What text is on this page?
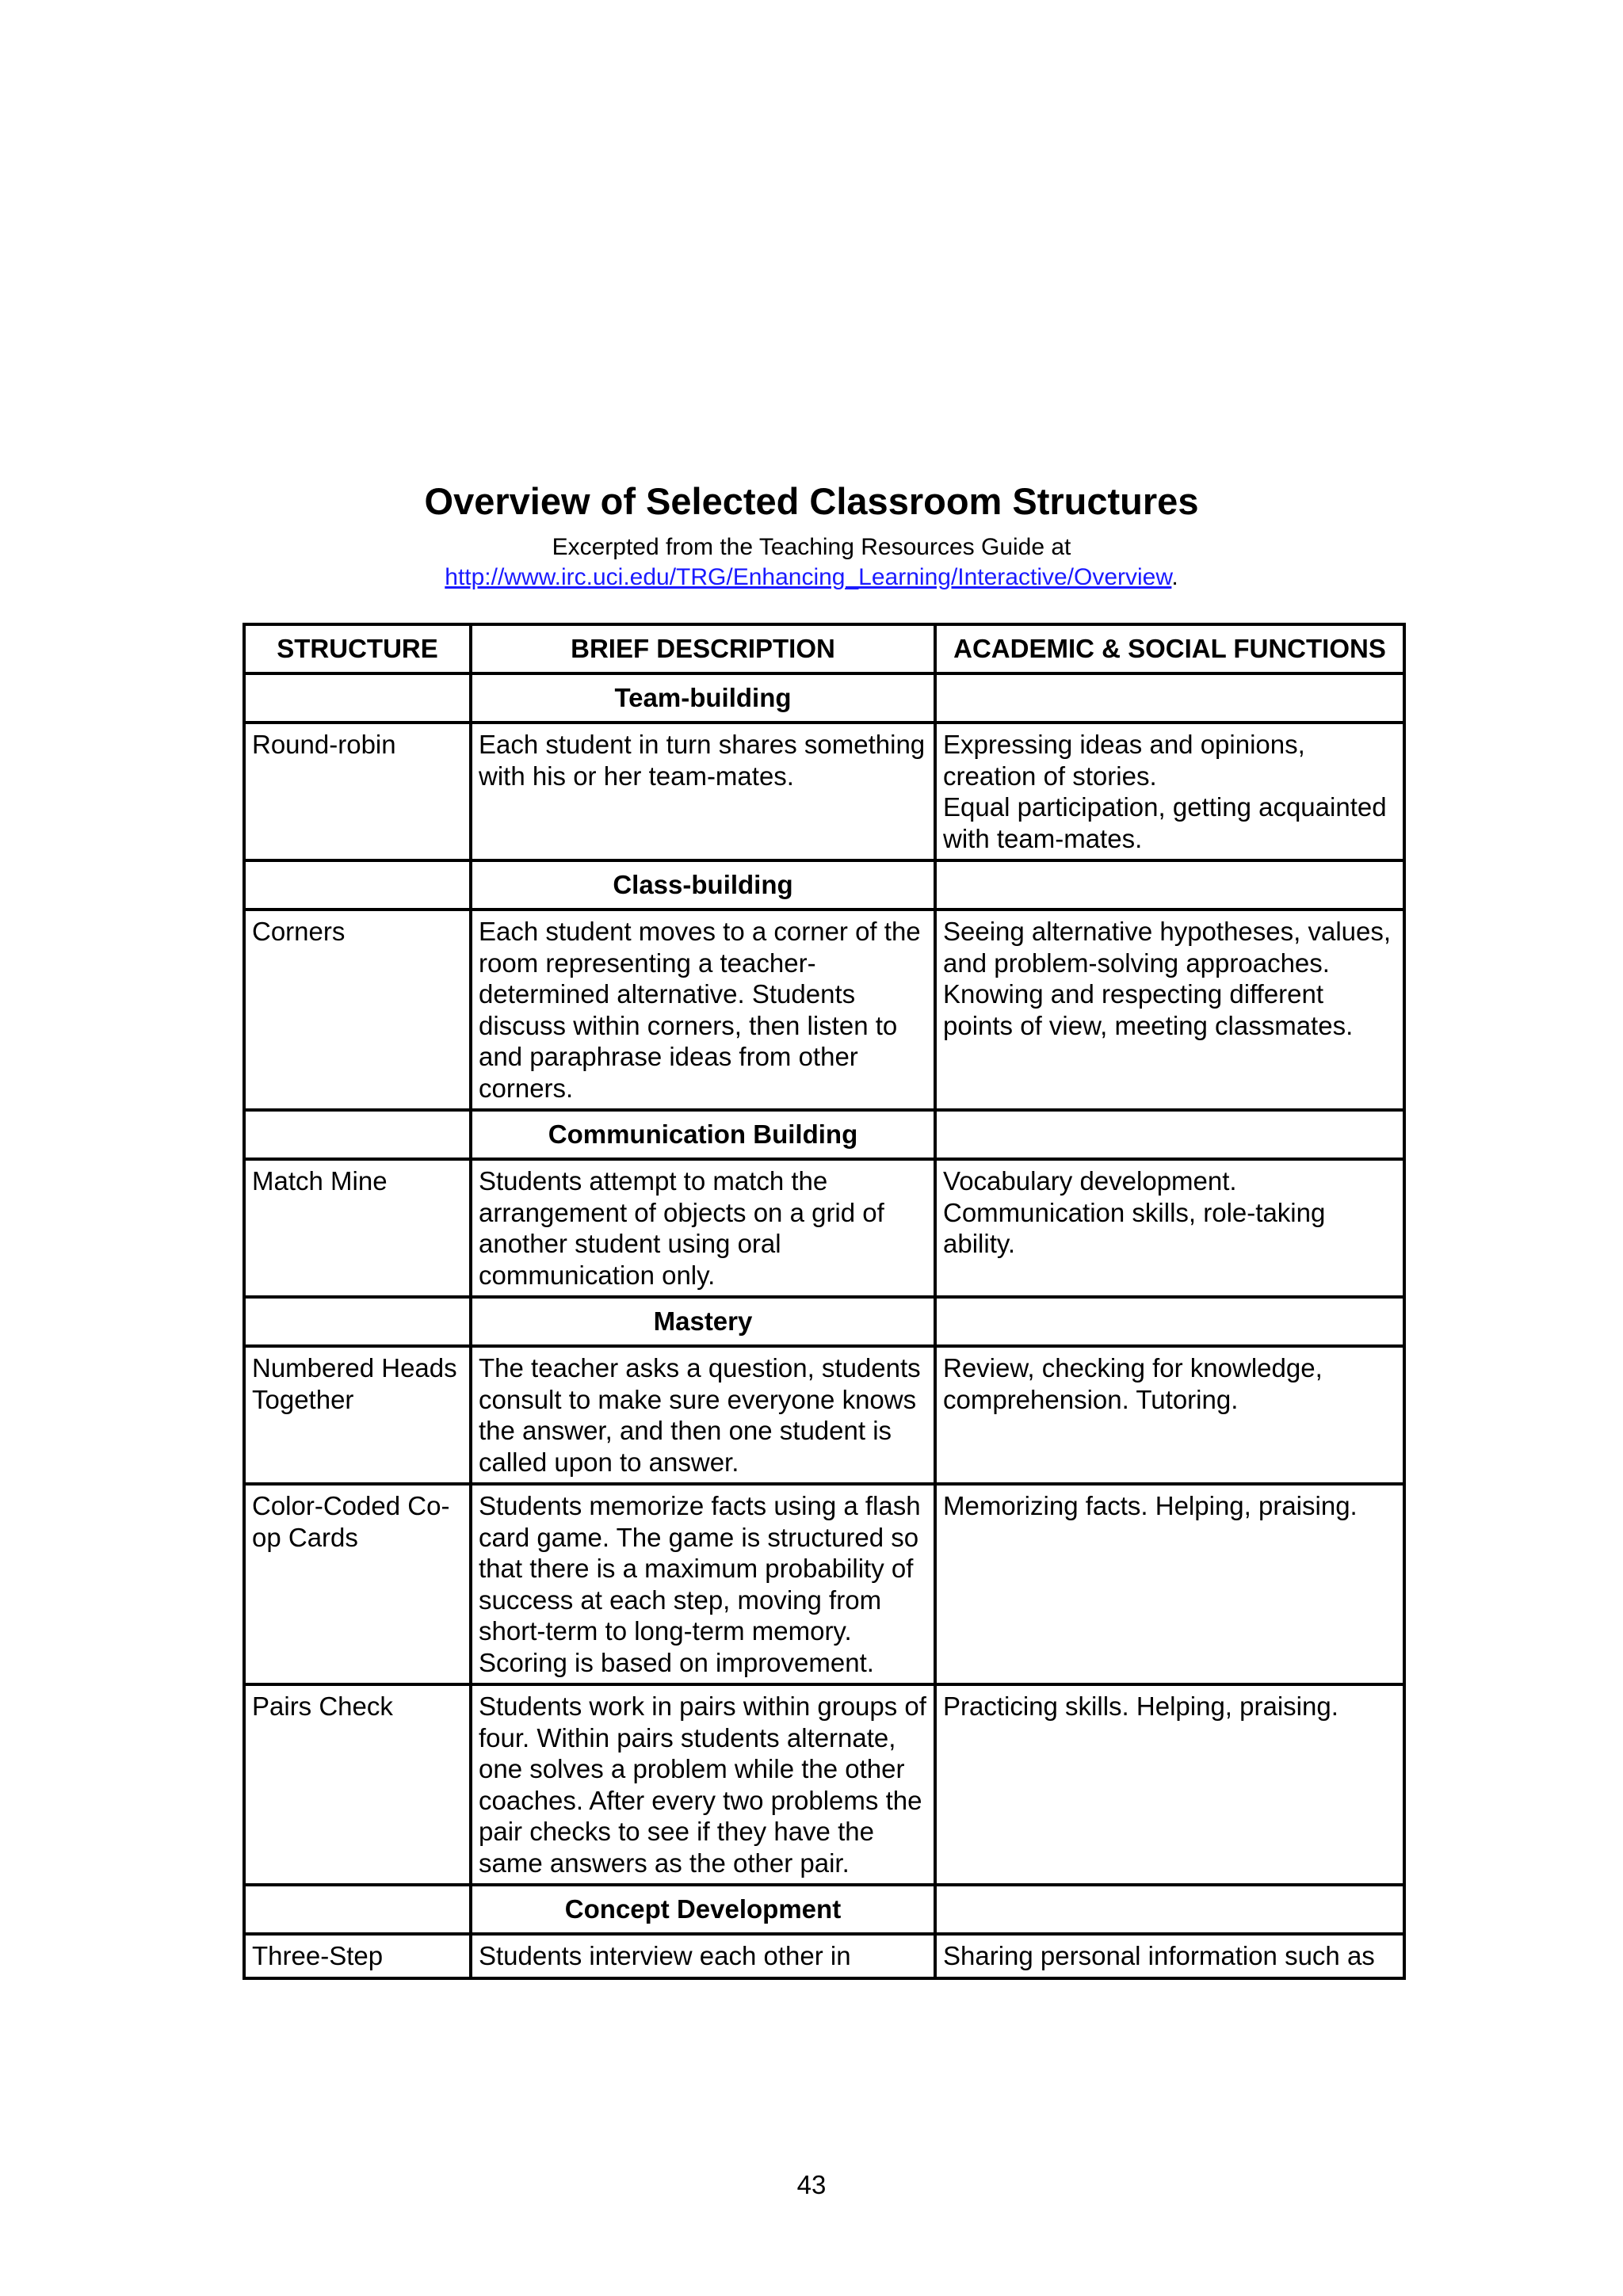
Overview of Selected Classroom Structures
Excerpted from the Teaching Resources Guide at
http://www.irc.uci.edu/TRG/Enhancing_Learning/Interactive/Overview.
STRUCTURE	BRIEF DESCRIPTION	ACADEMIC & SOCIAL FUNCTIONS
	Team-building	
Round-robin	Each student in turn shares something with his or her team-mates.	Expressing ideas and opinions, creation of stories.
Equal participation, getting acquainted with team-mates.

	Class-building	
Corners	Each student moves to a corner of the room representing a teacher-determined alternative. Students discuss within corners, then listen to and paraphrase ideas from other corners.	Seeing alternative hypotheses, values, and problem-solving approaches.
Knowing and respecting different points of view, meeting classmates.

	Communication Building	
Match Mine	Students attempt to match the arrangement of objects on a grid of another student using oral communication only.	Vocabulary development.
Communication skills, role-taking ability.

	Mastery	
Numbered Heads Together	The teacher asks a question, students consult to make sure everyone knows the answer, and then one student is called upon to answer.	Review, checking for knowledge, comprehension. Tutoring.

Color-Coded Co-op Cards	Students memorize facts using a flash card game. The game is structured so that there is a maximum probability of success at each step, moving from short-term to long-term memory. Scoring is based on improvement.	Memorizing facts. Helping, praising.

Pairs Check	Students work in pairs within groups of four. Within pairs students alternate, one solves a problem while the other coaches. After every two problems the pair checks to see if they have the same answers as the other pair.	Practicing skills. Helping, praising.

	Concept Development	
Three-Step	Students interview each other in	Sharing personal information such as
43
